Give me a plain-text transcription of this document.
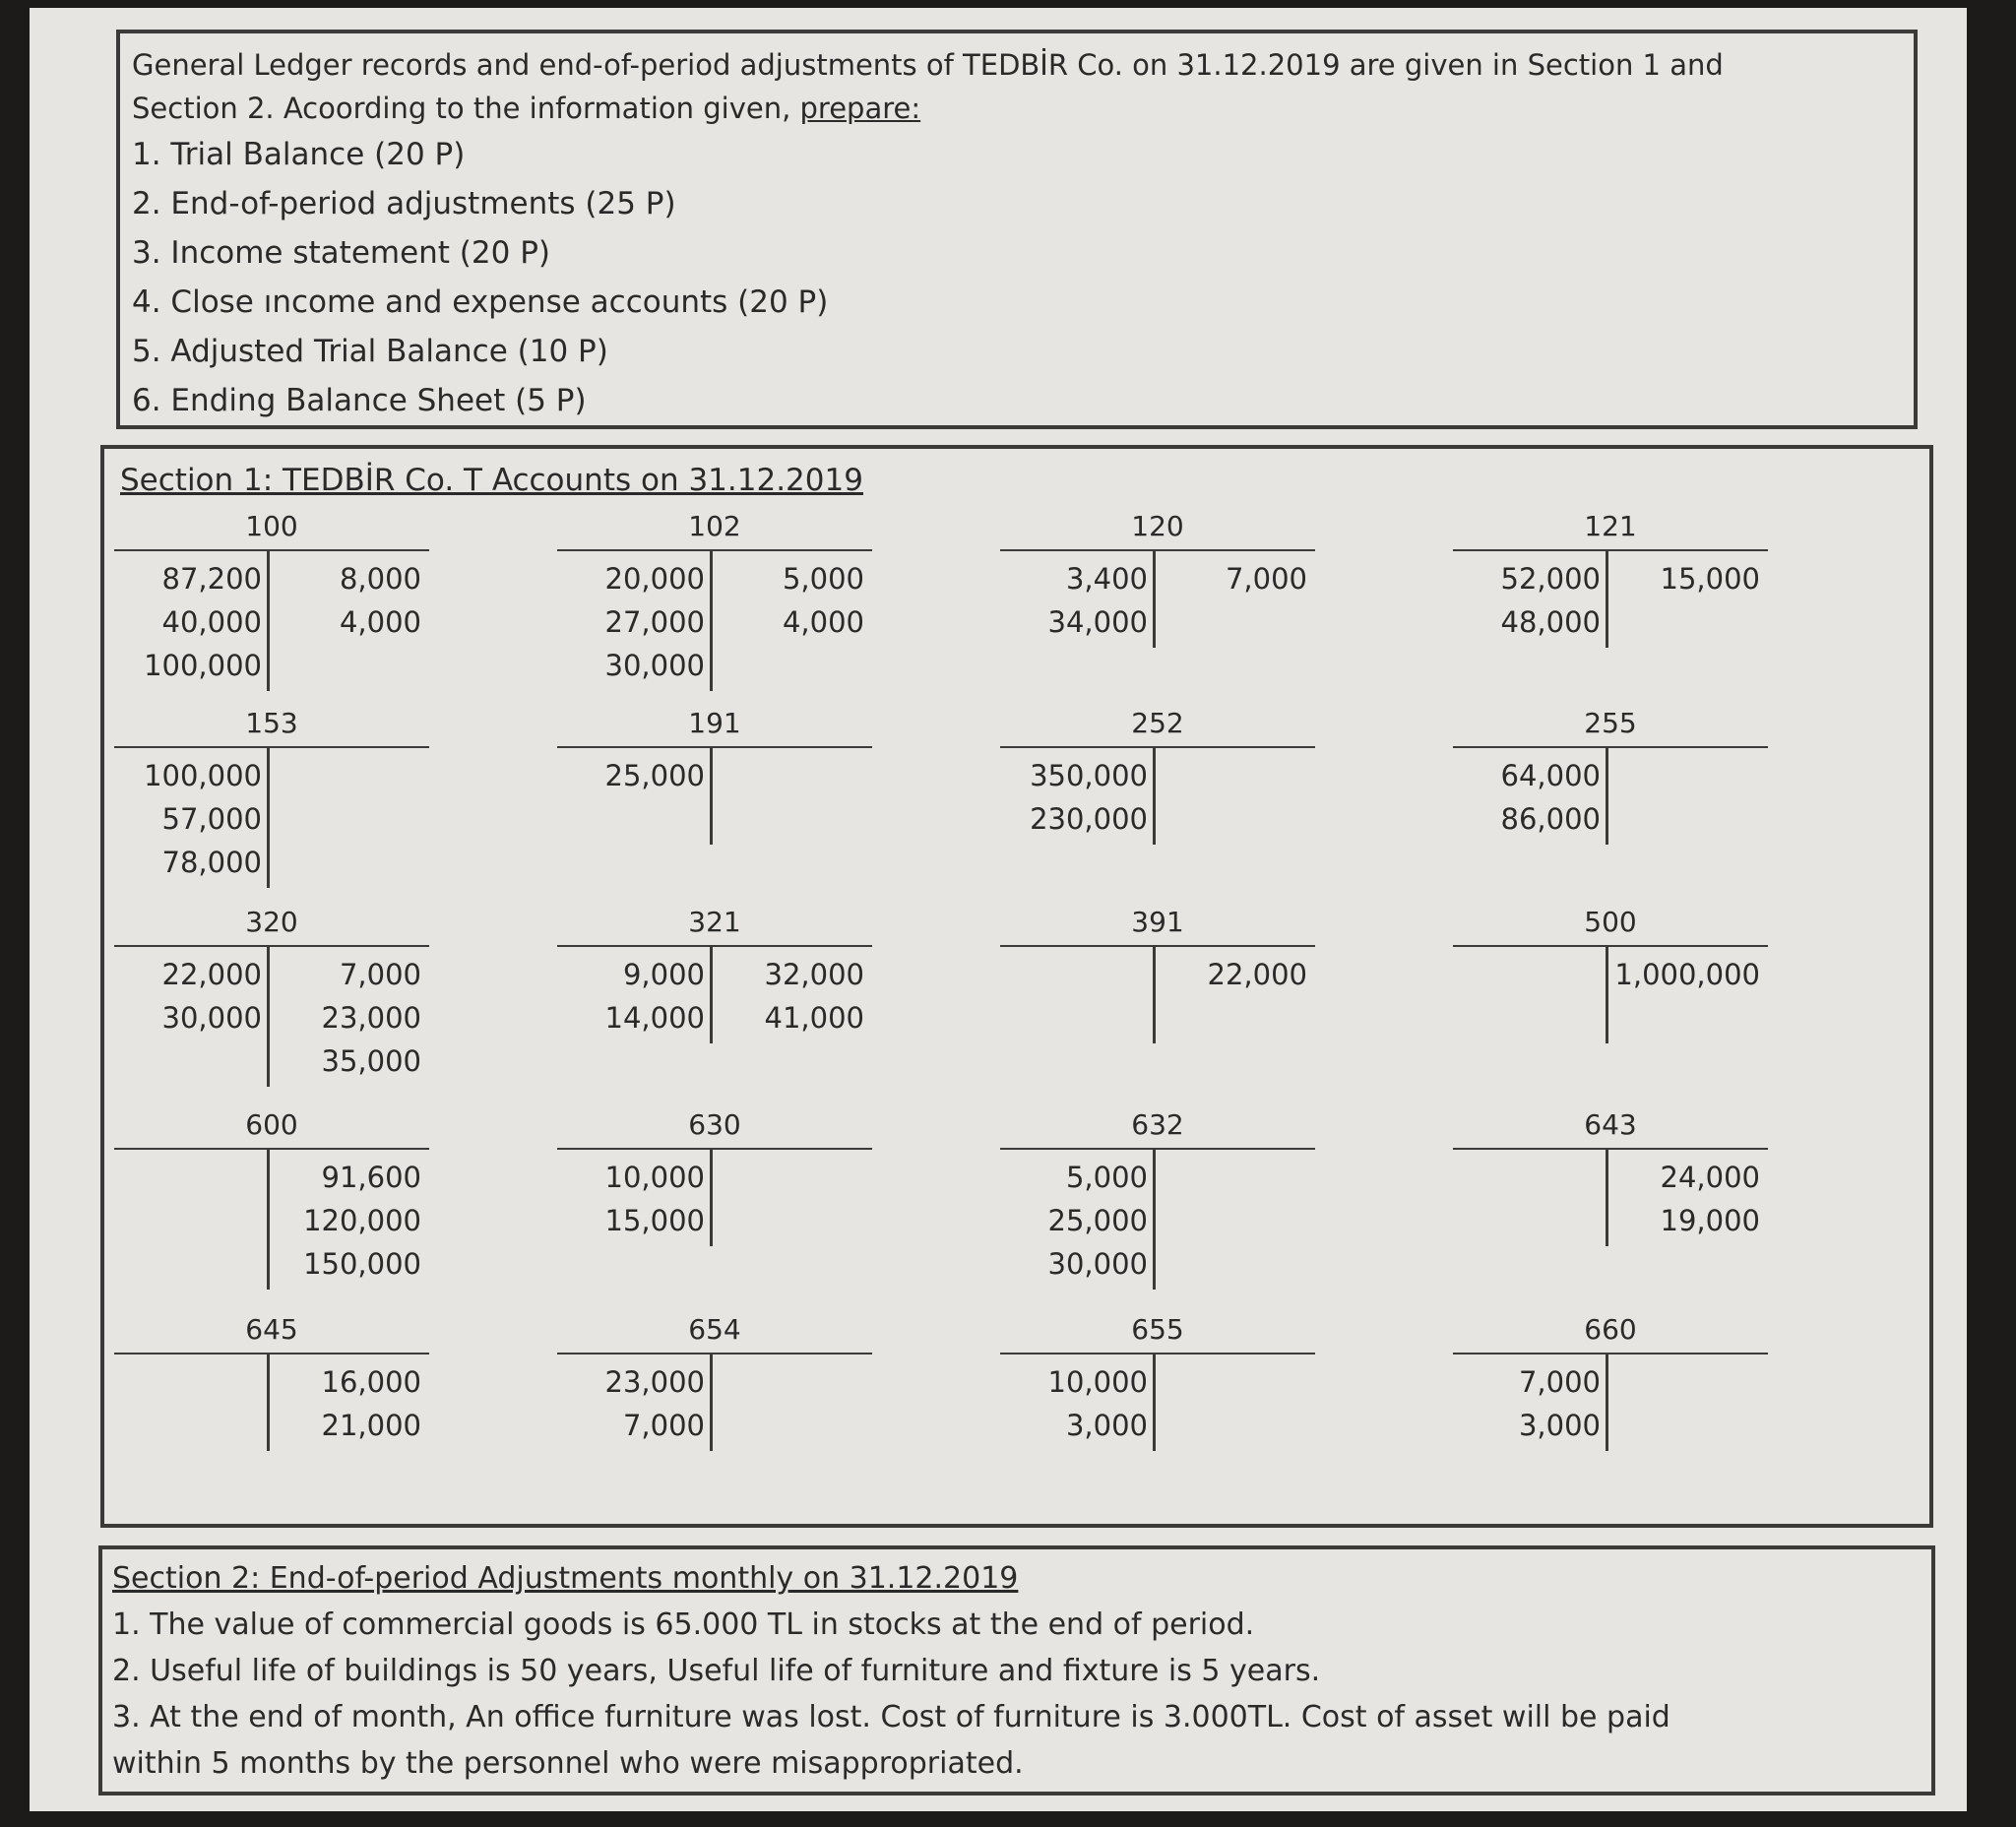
General Ledger records and end-of-period adjustments of TEDBİR Co. on 31.12.2019 are given in Section 1 and
Section 2. Acoording to the information given, prepare:
1. Trial Balance (20 P)
2. End-of-period adjustments (25 P)
3. Income statement (20 P)
4. Close ıncome and expense accounts (20 P)
5. Adjusted Trial Balance (10 P)
6. Ending Balance Sheet (5 P)
Section 1: TEDBİR Co. T Accounts on 31.12.2019
100
87,200
40,000
100,000
8,000
4,000
102
20,000
27,000
30,000
5,000
4,000
120
3,400
34,000
7,000
121
52,000
48,000
15,000
153
100,000
57,000
78,000
191
25,000
252
350,000
230,000
255
64,000
86,000
320
22,000
30,000
7,000
23,000
35,000
321
9,000
14,000
32,000
41,000
391
22,000
500
1,000,000
600
91,600
120,000
150,000
630
10,000
15,000
632
5,000
25,000
30,000
643
24,000
19,000
645
16,000
21,000
654
23,000
7,000
655
10,000
3,000
660
7,000
3,000
Section 2: End-of-period Adjustments monthly on 31.12.2019
1. The value of commercial goods is 65.000 TL in stocks at the end of period.
2. Useful life of buildings is 50 years, Useful life of furniture and fixture is 5 years.
3. At the end of month, An office furniture was lost. Cost of furniture is 3.000TL. Cost of asset will be paid
within 5 months by the personnel who were misappropriated.
